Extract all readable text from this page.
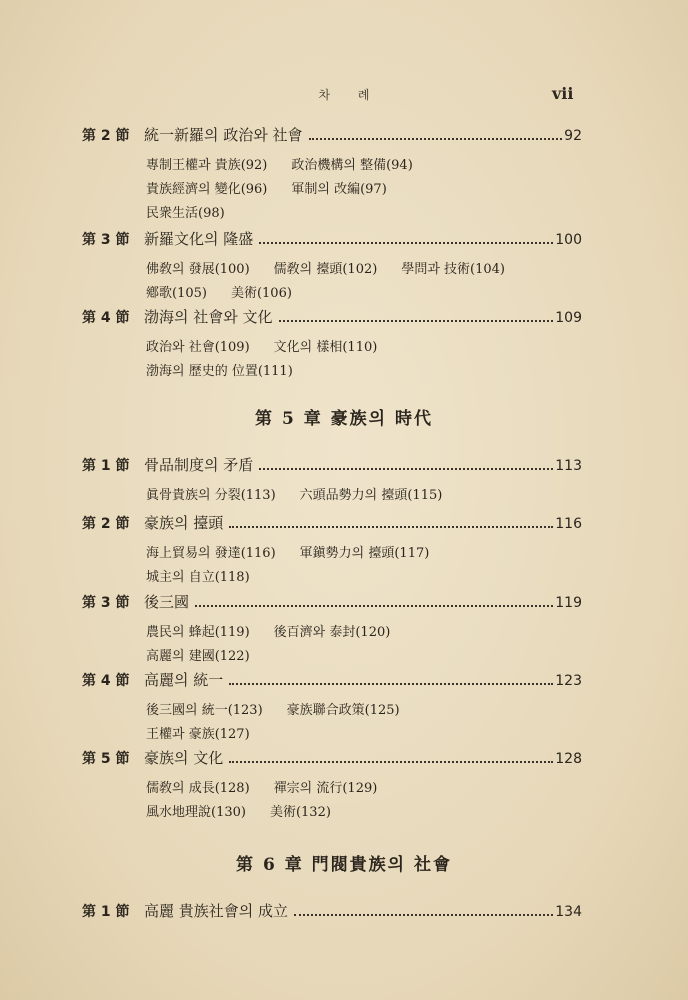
차 례	vii
第 2 節 統一新羅의 政治와 社會	92
專制王權과 貴族(92) 政治機構의 整備(94)
貴族經濟의 變化(96) 軍制의 改編(97)
民衆生活(98)
第 3 節 新羅文化의 隆盛	100
佛敎의 發展(100) 儒敎의 擡頭(102) 學問과 技術(104)
鄕歌(105) 美術(106)
第 4 節 渤海의 社會와 文化	109
政治와 社會(109) 文化의 樣相(110)
渤海의 歷史的 位置(111)
第 1 節 骨品制度의 矛盾	113
眞骨貴族의 分裂(113) 六頭品勢力의 擡頭(115)
第 2 節 豪族의 擡頭	116
海上貿易의 發達(116) 軍鎭勢力의 擡頭(117)
城主의 自立(118)
第 3 節 後三國	119
農民의 蜂起(119) 後百濟와 泰封(120)
高麗의 建國(122)
第 4 節 高麗의 統一	123
後三國의 統一(123) 豪族聯合政策(125)
王權과 豪族(127)
第 5 節 豪族의 文化	128
儒敎의 成長(128) 禪宗의 流行(129)
風水地理說(130) 美術(132)
第 1 節 高麗 貴族社會의 成立	134
第 5 章 豪族의 時代
第 6 章 門閥貴族의 社會
